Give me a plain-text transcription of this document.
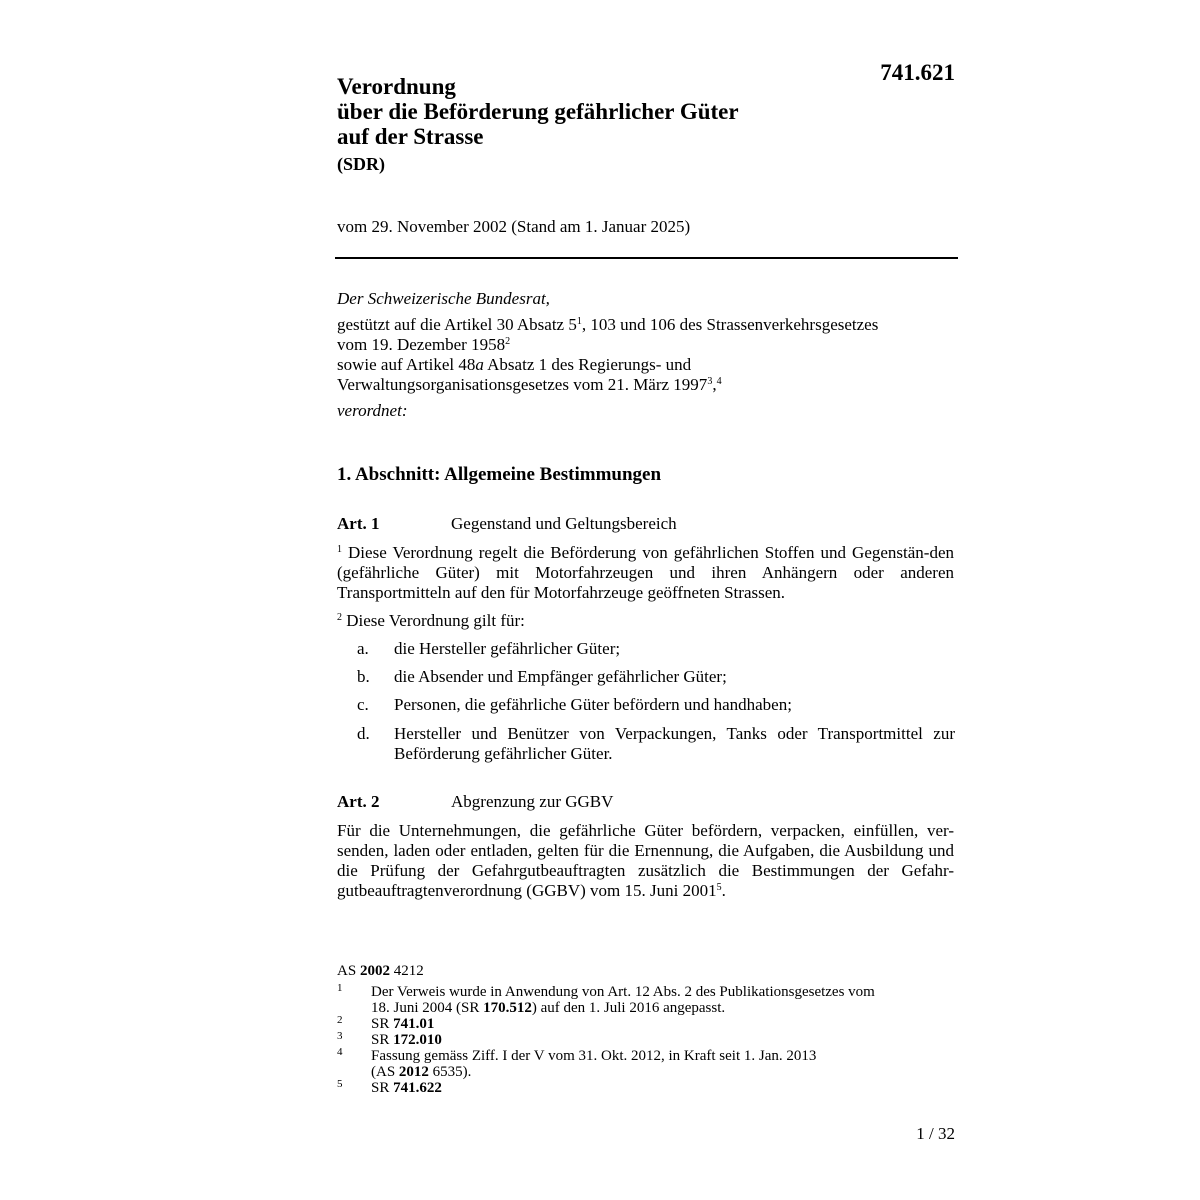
741.621
Verordnung
über die Beförderung gefährlicher Güter
auf der Strasse
(SDR)
vom 29. November 2002 (Stand am 1. Januar 2025)
Der Schweizerische Bundesrat,
gestützt auf die Artikel 30 Absatz $5^1$, 103 und 106 des Strassenverkehrsgesetzes
vom 19. Dezember 1958$^2$
sowie auf Artikel 48a Absatz 1 des Regierungs- und
Verwaltungsorganisationsgesetzes vom 21. März 1997$^3$,$^4$
verordnet:
1. Abschnitt: Allgemeine Bestimmungen
Art. 1	Gegenstand und Geltungsbereich
$^1$ Diese Verordnung regelt die Beförderung von gefährlichen Stoffen und Gegenstän-den (gefährliche Güter) mit Motorfahrzeugen und ihren Anhängern oder anderen Transportmitteln auf den für Motorfahrzeuge geöffneten Strassen.
$^2$ Diese Verordnung gilt für:
a. die Hersteller gefährlicher Güter;
b. die Absender und Empfänger gefährlicher Güter;
c. Personen, die gefährliche Güter befördern und handhaben;
d. Hersteller und Benützer von Verpackungen, Tanks oder Transportmittel zur Beförderung gefährlicher Güter.
Art. 2	Abgrenzung zur GGBV
Für die Unternehmungen, die gefährliche Güter befördern, verpacken, einfüllen, ver-senden, laden oder entladen, gelten für die Ernennung, die Aufgaben, die Ausbildung und die Prüfung der Gefahrgutbeauftragten zusätzlich die Bestimmungen der Gefahr-gutbeauftragtenverordnung (GGBV) vom 15. Juni 2001$^5$.
AS 2002 4212
1 Der Verweis wurde in Anwendung von Art. 12 Abs. 2 des Publikationsgesetzes vom
18. Juni 2004 (SR 170.512) auf den 1. Juli 2016 angepasst.
2 SR 741.01
3 SR 172.010
4 Fassung gemäss Ziff. I der V vom 31. Okt. 2012, in Kraft seit 1. Jan. 2013
(AS 2012 6535).
5 SR 741.622
1 / 32
